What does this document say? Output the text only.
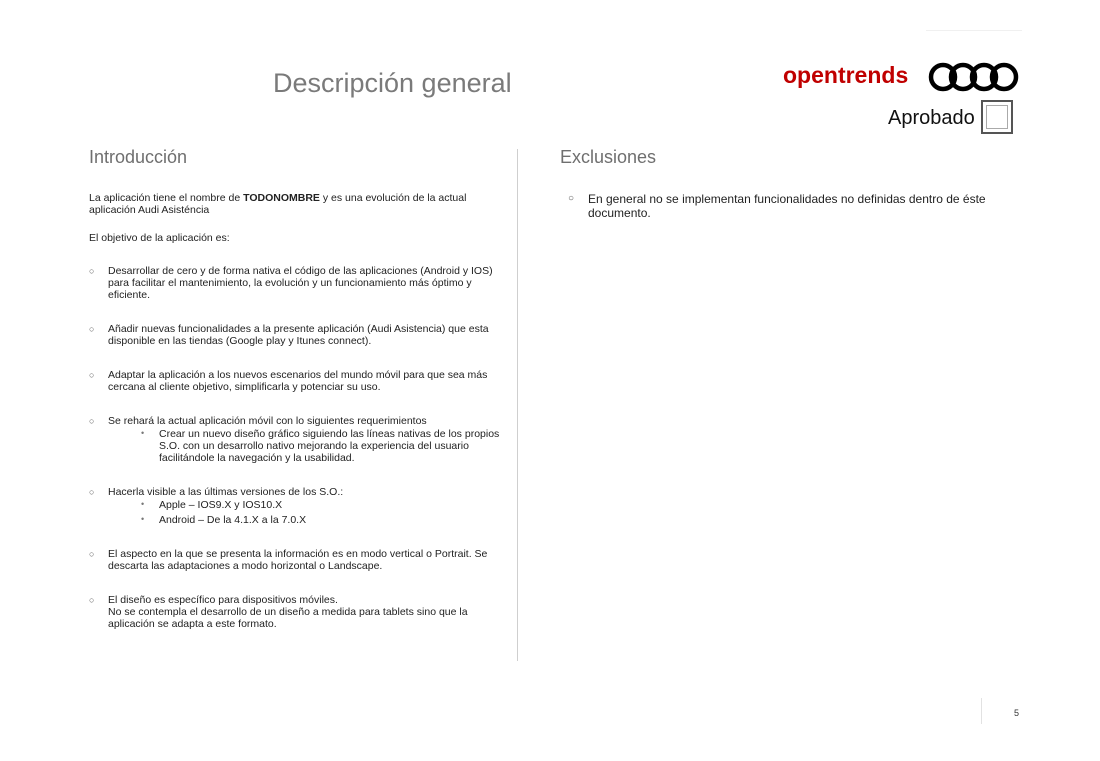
Descripción general	opentrends
Aprobado
Introducción

La aplicación tiene el nombre de TODONOMBRE y es una evolución de la actual aplicación Audi Asisténcia

El objetivo de la aplicación es:

○ Desarrollar de cero y de forma nativa el código de las aplicaciones (Android y IOS) para facilitar el mantenimiento, la evolución y un funcionamiento más óptimo y eficiente.
○ Añadir nuevas funcionalidades a la presente aplicación (Audi Asistencia) que esta disponible en las tiendas (Google play y Itunes connect).
○ Adaptar la aplicación a los nuevos escenarios del mundo móvil para que sea más cercana al cliente objetivo, simplificarla y potenciar su uso.
○ Se rehará la actual aplicación móvil con lo siguientes requerimientos
• Crear un nuevo diseño gráfico siguiendo las líneas nativas de los propios S.O. con un desarrollo nativo mejorando la experiencia del usuario facilitándole la navegación y la usabilidad.
○ Hacerla visible a las últimas versiones de los S.O.:
• Apple – IOS9.X y IOS10.X
• Android – De la 4.1.X a la 7.0.X
○ El aspecto en la que se presenta la información es en modo vertical o Portrait. Se descarta las adaptaciones a modo horizontal o Landscape.
○ El diseño es específico para dispositivos móviles.
No se contempla el desarrollo de un diseño a medida para tablets sino que la aplicación se adapta a este formato.
Exclusiones
○ En general no se implementan funcionalidades no definidas dentro de éste documento.
5
